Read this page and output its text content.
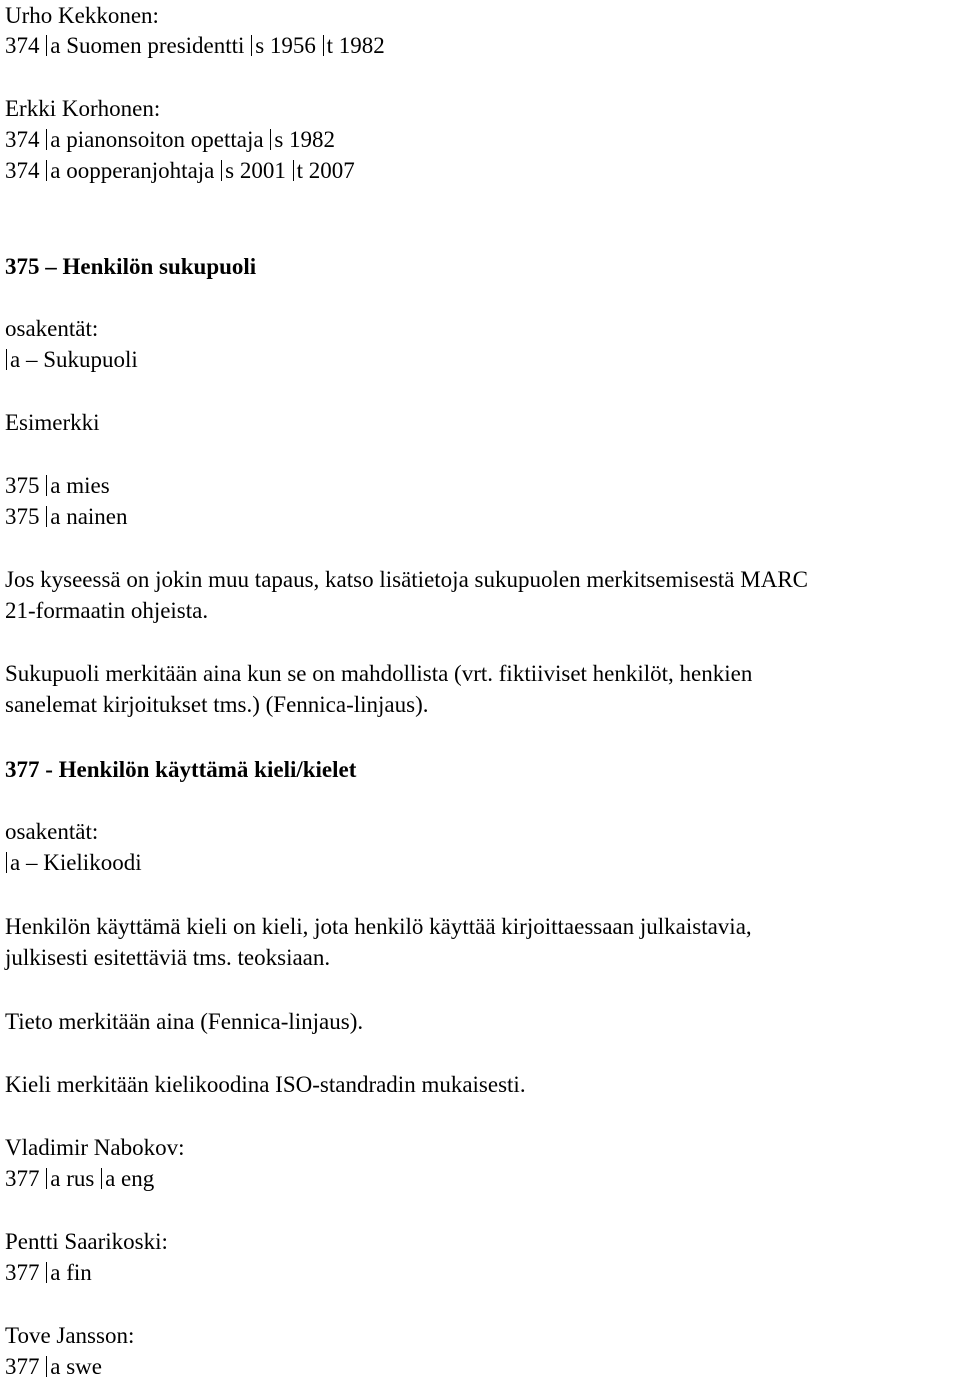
Urho Kekkonen:
374 a Suomen presidentti s 1956 t 1982
Erkki Korhonen:
374 a pianonsoiton opettaja s 1982
374 a oopperanjohtaja s 2001 t 2007
375 – Henkilön sukupuoli
osakentät:
a – Sukupuoli
Esimerkki
375 a mies
375 a nainen
Jos kyseessä on jokin muu tapaus, katso lisätietoja sukupuolen merkitsemisestä MARC
21-formaatin ohjeista.
Sukupuoli merkitään aina kun se on mahdollista (vrt. fiktiiviset henkilöt, henkien
sanelemat kirjoitukset tms.) (Fennica-linjaus).
377 - Henkilön käyttämä kieli/kielet
osakentät:
a – Kielikoodi
Henkilön käyttämä kieli on kieli, jota henkilö käyttää kirjoittaessaan julkaistavia,
julkisesti esitettäviä tms. teoksiaan.
Tieto merkitään aina (Fennica-linjaus).
Kieli merkitään kielikoodina ISO-standradin mukaisesti.
Vladimir Nabokov:
377 a rus a eng
Pentti Saarikoski:
377 a fin
Tove Jansson:
377 a swe
